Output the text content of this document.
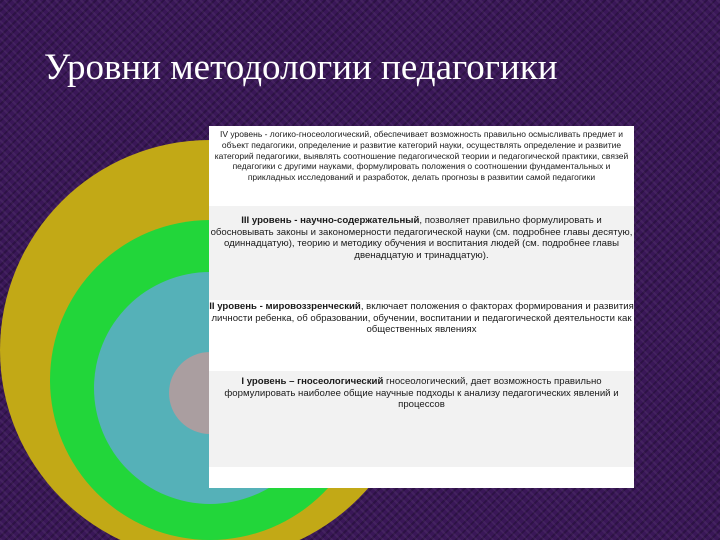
Уровни методологии педагогики
IV уровень - логико-гносеологический, обеспечивает возможность правильно осмысливать предмет и объект педагогики, определение и развитие категорий науки, осуществлять определение и развитие категорий педагогики, выявлять соотношение педагогической теории и педагогической практики, связей педагогики с другими науками, формулировать положения о соотношении фундаментальных и прикладных исследований и разработок, делать прогнозы в развитии самой педагогики
III уровень - научно-содержательный, позволяет правильно формулировать и обосновывать законы и закономерности педагогической науки (см. подробнее главы десятую, одиннадцатую), теорию и методику обучения и воспитания людей (см. подробнее главы двенадцатую и тринадцатую).
II уровень - мировоззренческий, включает положения о факторах формирования и развития личности ребенка, об образовании, обучении, воспитании и педагогической деятельности как общественных явлениях
I уровень – гносеологический гносеологический, дает возможность правильно формулировать наиболее общие научные подходы к анализу педагогических явлений и процессов
